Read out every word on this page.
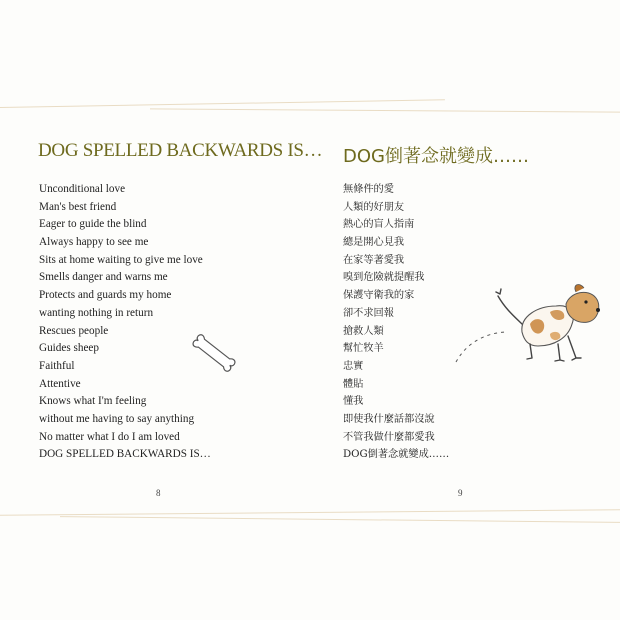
DOG SPELLED BACKWARDS IS…
Unconditional love
Man's best friend
Eager to guide the blind
Always happy to see me
Sits at home waiting to give me love
Smells danger and warns me
Protects and guards my home
wanting nothing in return
Rescues people
Guides sheep
Faithful
Attentive
Knows what I'm feeling
without me having to say anything
No matter what I do I am loved
DOG SPELLED BACKWARDS IS…
8
DOG倒著念就變成……
無條件的愛
人類的好朋友
熱心的盲人指南
總是開心見我
在家等著愛我
嗅到危險就提醒我
保護守衛我的家
卻不求回報
搶救人類
幫忙牧羊
忠實
體貼
懂我
即使我什麼話都沒說
不管我做什麼都愛我
DOG倒著念就變成……
9
